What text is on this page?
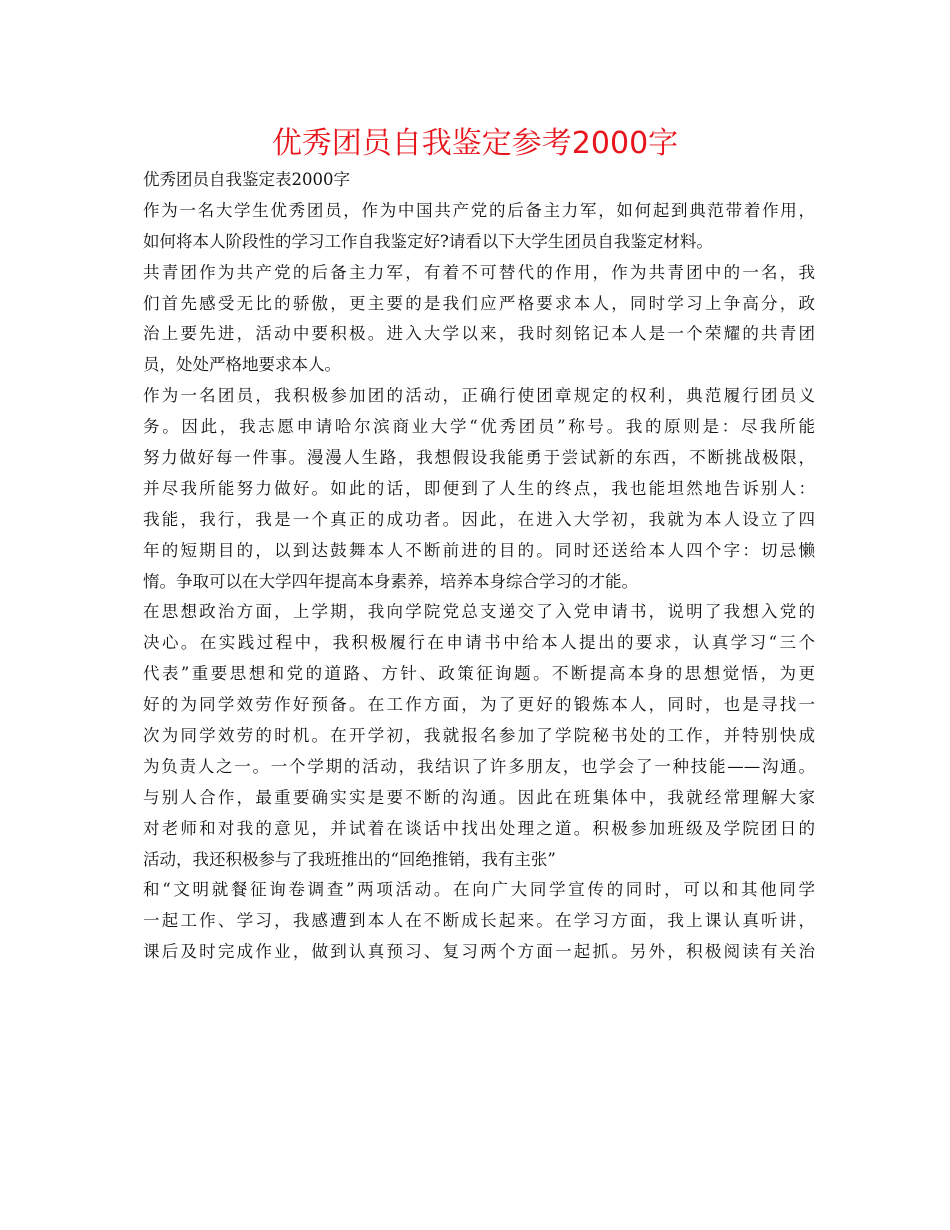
优秀团员自我鉴定参考2000字
优秀团员自我鉴定表2000字
作为一名大学生优秀团员，作为中国共产党的后备主力军，如何起到典范带着作用，
如何将本人阶段性的学习工作自我鉴定好?请看以下大学生团员自我鉴定材料。
共青团作为共产党的后备主力军，有着不可替代的作用，作为共青团中的一名，我
们首先感受无比的骄傲，更主要的是我们应严格要求本人，同时学习上争高分，政
治上要先进，活动中要积极。进入大学以来，我时刻铭记本人是一个荣耀的共青团
员，处处严格地要求本人。
作为一名团员，我积极参加团的活动，正确行使团章规定的权利，典范履行团员义
务。因此，我志愿申请哈尔滨商业大学“优秀团员”称号。我的原则是：尽我所能
努力做好每一件事。漫漫人生路，我想假设我能勇于尝试新的东西，不断挑战极限，
并尽我所能努力做好。如此的话，即便到了人生的终点，我也能坦然地告诉别人：
我能，我行，我是一个真正的成功者。因此，在进入大学初，我就为本人设立了四
年的短期目的，以到达鼓舞本人不断前进的目的。同时还送给本人四个字：切忌懒
惰。争取可以在大学四年提高本身素养，培养本身综合学习的才能。
在思想政治方面，上学期，我向学院党总支递交了入党申请书，说明了我想入党的
决心。在实践过程中，我积极履行在申请书中给本人提出的要求，认真学习“三个
代表”重要思想和党的道路、方针、政策征询题。不断提高本身的思想觉悟，为更
好的为同学效劳作好预备。在工作方面，为了更好的锻炼本人，同时，也是寻找一
次为同学效劳的时机。在开学初，我就报名参加了学院秘书处的工作，并特别快成
为负责人之一。一个学期的活动，我结识了许多朋友，也学会了一种技能——沟通。
与别人合作，最重要确实实是要不断的沟通。因此在班集体中，我就经常理解大家
对老师和对我的意见，并试着在谈话中找出处理之道。积极参加班级及学院团日的
活动，我还积极参与了我班推出的“回绝推销，我有主张”
和“文明就餐征询卷调查”两项活动。在向广大同学宣传的同时，可以和其他同学
一起工作、学习，我感遭到本人在不断成长起来。在学习方面，我上课认真听讲，
课后及时完成作业，做到认真预习、复习两个方面一起抓。另外，积极阅读有关治
